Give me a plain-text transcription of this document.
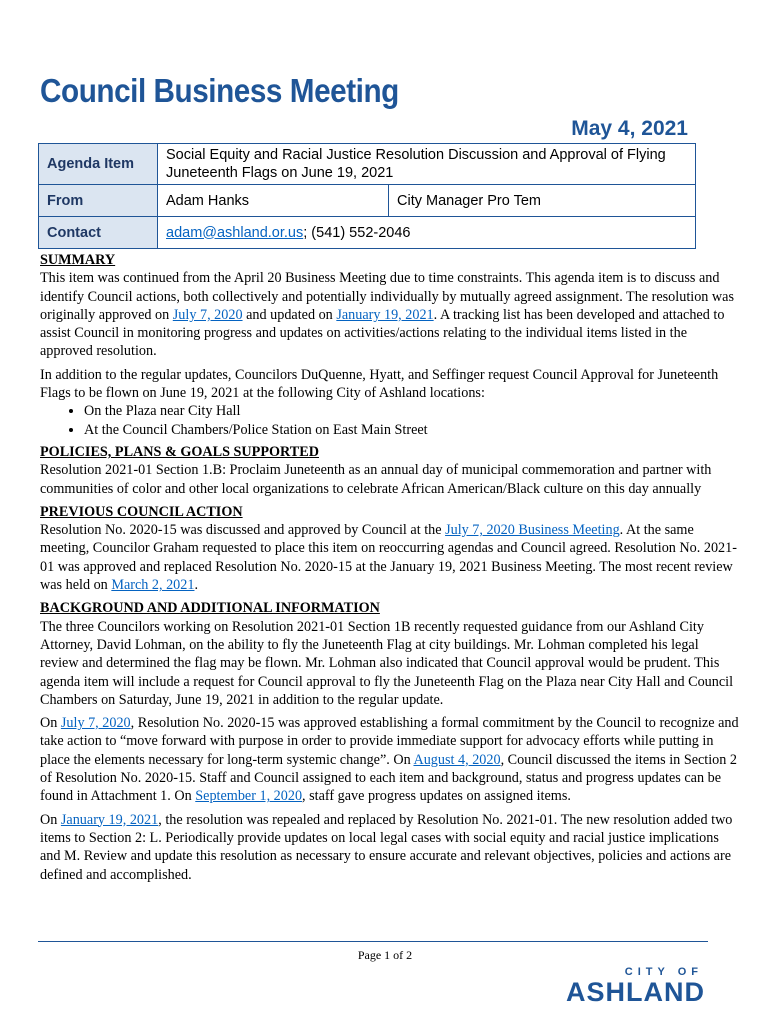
Council Business Meeting
May 4, 2021
Agenda Item	Social Equity and Racial Justice Resolution Discussion and Approval of Flying Juneteenth Flags on June 19, 2021	
From	Adam Hanks	City Manager Pro Tem
Contact	adam@ashland.or.us; (541) 552-2046	
SUMMARY

This item was continued from the April 20 Business Meeting due to time constraints. This agenda item is to discuss and identify Council actions, both collectively and potentially individually by mutually agreed assignment. The resolution was originally approved on July 7, 2020 and updated on January 19, 2021. A tracking list has been developed and attached to assist Council in monitoring progress and updates on activities/actions relating to the individual items listed in the approved resolution.

In addition to the regular updates, Councilors DuQuenne, Hyatt, and Seffinger request Council Approval for Juneteenth Flags to be flown on June 19, 2021 at the following City of Ashland locations:

• On the Plaza near City Hall
• At the Council Chambers/Police Station on East Main Street
POLICIES, PLANS & GOALS SUPPORTED

Resolution 2021-01 Section 1.B: Proclaim Juneteenth as an annual day of municipal commemoration and partner with communities of color and other local organizations to celebrate African American/Black culture on this day annually

PREVIOUS COUNCIL ACTION

Resolution No. 2020-15 was discussed and approved by Council at the July 7, 2020 Business Meeting. At the same meeting, Councilor Graham requested to place this item on reoccurring agendas and Council agreed. Resolution No. 2021-01 was approved and replaced Resolution No. 2020-15 at the January 19, 2021 Business Meeting. The most recent review was held on March 2, 2021.

BACKGROUND AND ADDITIONAL INFORMATION

The three Councilors working on Resolution 2021-01 Section 1B recently requested guidance from our Ashland City Attorney, David Lohman, on the ability to fly the Juneteenth Flag at city buildings. Mr. Lohman completed his legal review and determined the flag may be flown. Mr. Lohman also indicated that Council approval would be prudent. This agenda item will include a request for Council approval to fly the Juneteenth Flag on the Plaza near City Hall and Council Chambers on Saturday, June 19, 2021 in addition to the regular update.

On July 7, 2020, Resolution No. 2020-15 was approved establishing a formal commitment by the Council to recognize and take action to “move forward with purpose in order to provide immediate support for advocacy efforts while putting in place the elements necessary for long-term systemic change”. On August 4, 2020, Council discussed the items in Section 2 of Resolution No. 2020-15. Staff and Council assigned to each item and background, status and progress updates can be found in Attachment 1. On September 1, 2020, staff gave progress updates on assigned items.

On January 19, 2021, the resolution was repealed and replaced by Resolution No. 2021-01. The new resolution added two items to Section 2: L. Periodically provide updates on local legal cases with social equity and racial justice implications and M. Review and update this resolution as necessary to ensure accurate and relevant objectives, policies and actions are defined and accomplished.

Page 1 of 2
CITY OF
ASHLAND
